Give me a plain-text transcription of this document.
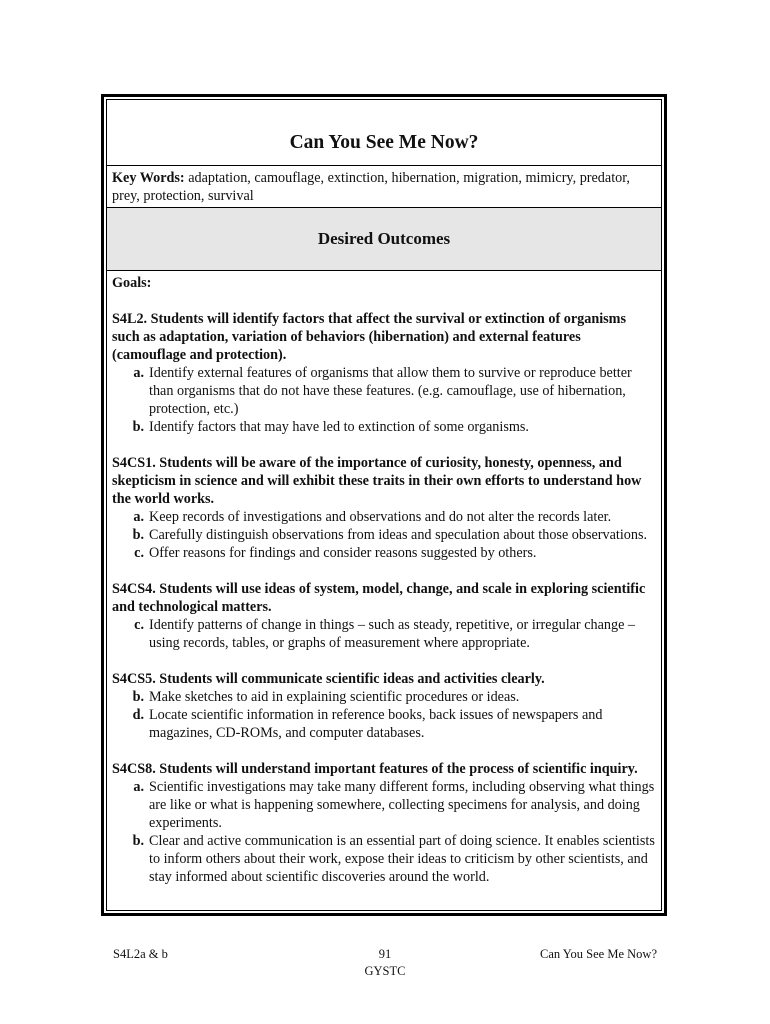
Can You See Me Now?
Key Words: adaptation, camouflage, extinction, hibernation, migration, mimicry, predator, prey, protection, survival
Desired Outcomes
Goals:
S4L2. Students will identify factors that affect the survival or extinction of organisms such as adaptation, variation of behaviors (hibernation) and external features (camouflage and protection).
a. Identify external features of organisms that allow them to survive or reproduce better than organisms that do not have these features. (e.g. camouflage, use of hibernation, protection, etc.)
b. Identify factors that may have led to extinction of some organisms.
S4CS1. Students will be aware of the importance of curiosity, honesty, openness, and skepticism in science and will exhibit these traits in their own efforts to understand how the world works.
a. Keep records of investigations and observations and do not alter the records later.
b. Carefully distinguish observations from ideas and speculation about those observations.
c. Offer reasons for findings and consider reasons suggested by others.
S4CS4. Students will use ideas of system, model, change, and scale in exploring scientific and technological matters.
c. Identify patterns of change in things – such as steady, repetitive, or irregular change – using records, tables, or graphs of measurement where appropriate.
S4CS5. Students will communicate scientific ideas and activities clearly.
b. Make sketches to aid in explaining scientific procedures or ideas.
d. Locate scientific information in reference books, back issues of newspapers and magazines, CD-ROMs, and computer databases.
S4CS8. Students will understand important features of the process of scientific inquiry.
a. Scientific investigations may take many different forms, including observing what things are like or what is happening somewhere, collecting specimens for analysis, and doing experiments.
b. Clear and active communication is an essential part of doing science. It enables scientists to inform others about their work, expose their ideas to criticism by other scientists, and stay informed about scientific discoveries around the world.
S4L2a & b	91
GYSTC
Can You See Me Now?
